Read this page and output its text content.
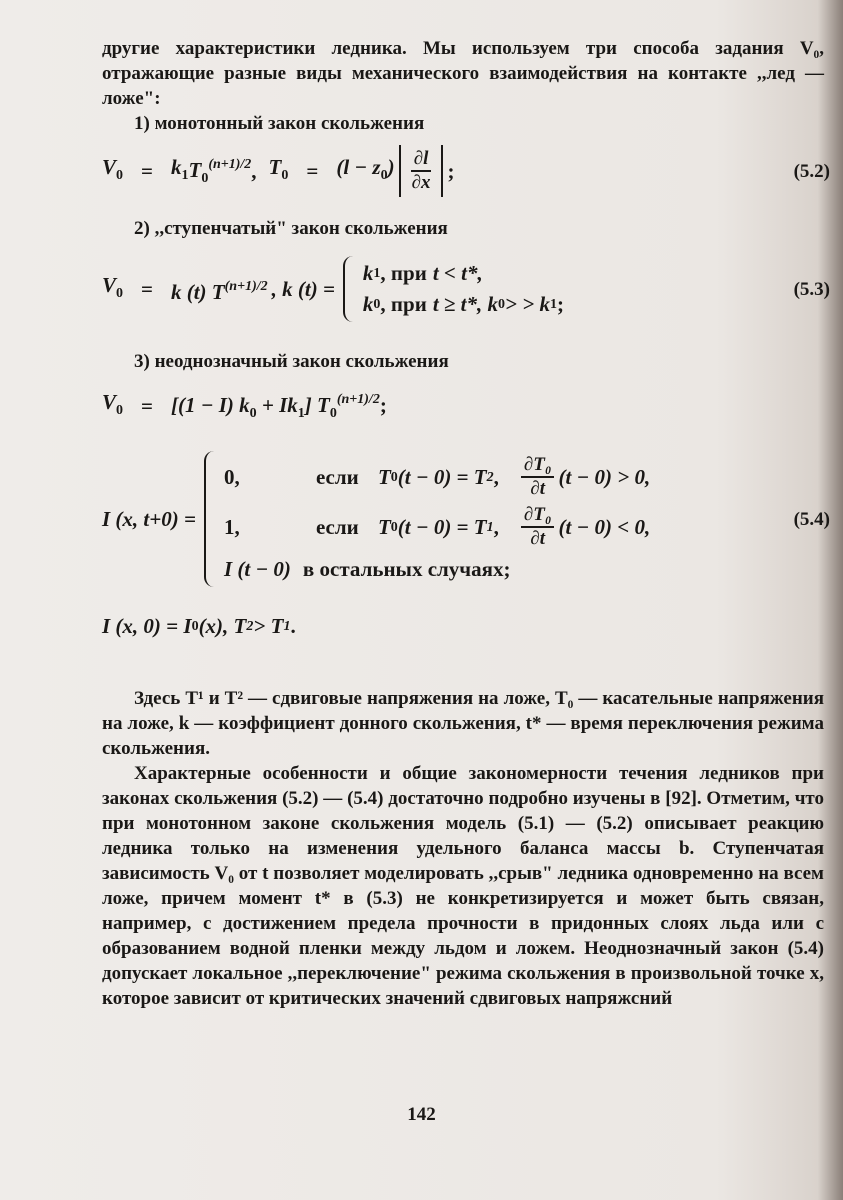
другие характеристики ледника. Мы используем три способа задания V₀, отражающие разные виды механического взаимодействия на контакте ,,лед — ложе":

1) монотонный закон скольжения

$V_0 = k_1$ $T_0^{(n+1)/2}$ , $T_0 = (l - z_0) \frac{\partial l}{\partial x}$ ;	(5.2)

2) ,,ступенчатый" закон скольжения

$V_0 = k$ (t) $T^{(n+1)/2}$ , k (t) =
k 1 , при t < t*,
k 0 , при t ≥ t*, k 0 > > k 1 ;
(5.3)

3) неоднозначный закон скольжения

$V_0 = [(1 - I) k_0 + Ik_1]$ $T_0^{(n+1)/2}$;
I (x, t+0) =
0,	если T 0 (t − 0) = T 2 , $\frac{\text{∂T₀}}{\partial t} (t - 0) > 0$,
1,	если T 0 (t − 0) = T 1 , $\frac{\text{∂T₀}}{\partial t} (t - 0) < 0$,
I (t − 0) в остальных случаях;
(5.4)
I (x, 0) = I 0 (x), T 2 > T 1 .

Здесь T¹ и T² — сдвиговые напряжения на ложе, T₀ — касательные напряжения на ложе, k — коэффициент донного скольжения, t* — время переключения режима скольжения.

Характерные особенности и общие закономерности течения ледников при законах скольжения (5.2) — (5.4) достаточно подробно изучены в [92]. Отметим, что при монотонном законе скольжения модель (5.1) — (5.2) описывает реакцию ледника только на изменения удельного баланса массы b. Ступенчатая зависимость V₀ от t позволяет моделировать ,,срыв" ледника одновременно на всем ложе, причем момент t* в (5.3) не конкретизируется и может быть связан, например, с достижением предела прочности в придонных слоях льда или с образованием водной пленки между льдом и ложем. Неоднозначный закон (5.4) допускает локальное ,,переключение" режима скольжения в произвольной точке x, которое зависит от критических значений сдвиговых напряжсний

142
